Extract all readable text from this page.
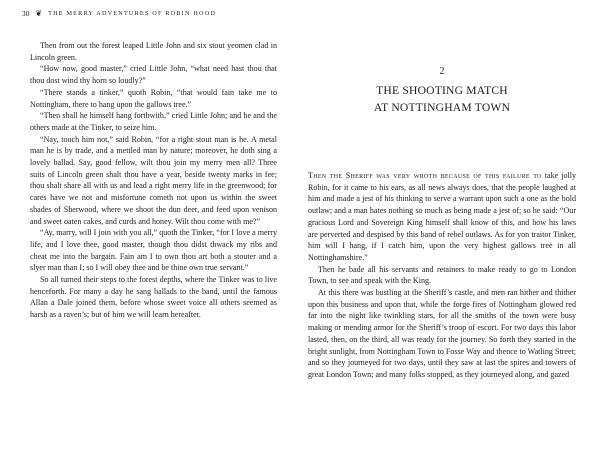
30 ❦ THE MERRY ADVENTURES OF ROBIN HOOD

Then from out the forest leaped Little John and six stout yeomen clad in Lincoln green.

“How now, good master,” cried Little John, “what need hast thou that thou dost wind thy horn so loudly?”

“There stands a tinker,” quoth Robin, “that would fain take me to Nottingham, there to hang upon the gallows tree.”

“Then shall he himself hang forthwith,” cried Little John; and he and the others made at the Tinker, to seize him.

“Nay, touch him not,” said Robin, “for a right stout man is he. A metal man he is by trade, and a mettled man by nature; moreover, he doth sing a lovely ballad. Say, good fellow, wilt thou join my merry men all? Three suits of Lincoln green shalt thou have a year, beside twenty marks in fee; thou shalt share all with us and lead a right merry life in the greenwood; for cares have we not and misfortune cometh not upon us within the sweet shades of Sherwood, where we shoot the dun deer, and feed upon venison and sweet oaten cakes, and curds and honey. Wilt thou come with me?”

“Ay, marry, will I join with you all,” quoth the Tinker, “for I love a merry life, and I love thee, good master, though thou didst thwack my ribs and cheat me into the bargain. Fain am I to own thou art both a stouter and a slyer man than I; so I will obey thee and be thine own true servant.”

So all turned their steps to the forest depths, where the Tinker was to live henceforth. For many a day he sang ballads to the band, until the famous Allan a Dale joined them, before whose sweet voice all others seemed as harsh as a raven’s; but of him we will learn hereafter.

2
THE SHOOTING MATCH
AT NOTTINGHAM TOWN

Then the Sheriff was very wroth because of this failure to take jolly Robin, for it came to his ears, as all news always does, that the people laughed at him and made a jest of his thinking to serve a warrant upon such a one as the bold outlaw; and a man hates nothing so much as being made a jest of; so he said: “Our gracious Lord and Sovereign King himself shall know of this, and how his laws are perverted and despised by this band of rebel outlaws. As for yon traitor Tinker, him will I hang, if I catch him, upon the very highest gallows tree in all Nottinghamshire.”

Then he bade all his servants and retainers to make ready to go to London Town, to see and speak with the King.

At this there was bustling at the Sheriff’s castle, and men ran hither and thither upon this business and upon that, while the forge fires of Nottingham glowed red far into the night like twinkling stars, for all the smiths of the town were busy making or mending armor for the Sheriff’s troop of escort. For two days this labor lasted, then, on the third, all was ready for the journey. So forth they started in the bright sunlight, from Nottingham Town to Fosse Way and thence to Watling Street; and so they journeyed for two days, until they saw at last the spires and towers of great London Town; and many folks stopped, as they journeyed along, and gazed
